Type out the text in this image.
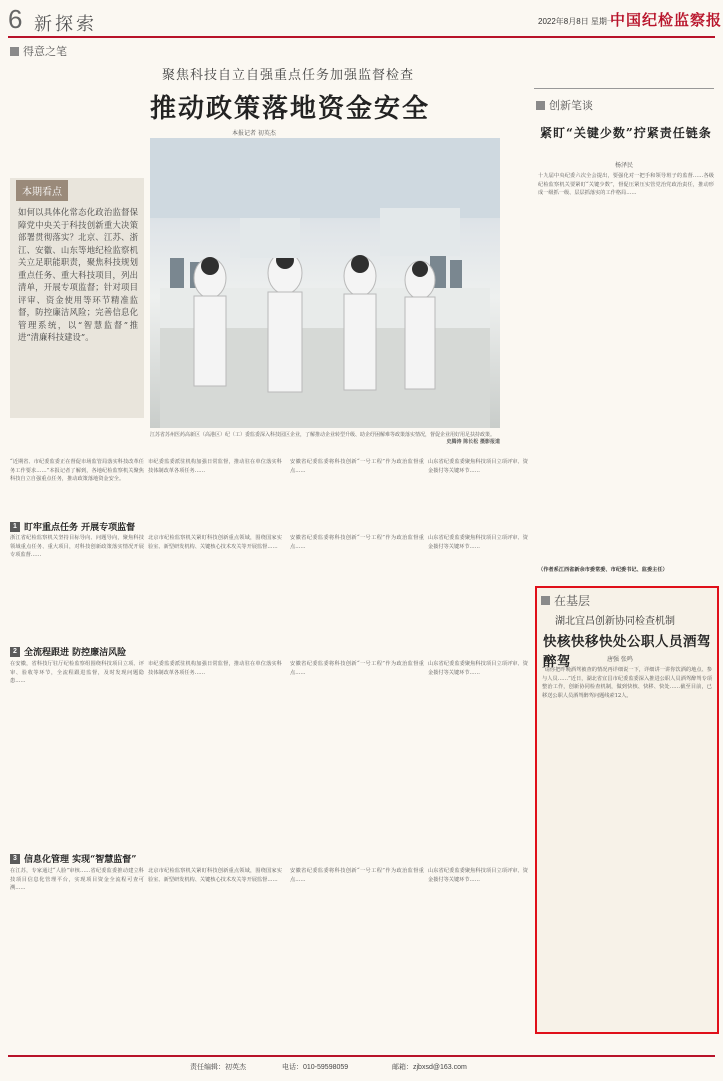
6 新探索	2022年8月8日 星期一
中国纪检监察报
得意之笔
聚焦科技自立自强重点任务加强监督检查
推动政策落地资金安全
本报记者 初英杰
江苏省苏州医药高新区（高港区）纪（工）委监委深入科技园区企业，了解推动企业转型升级、助企纾困解难等政策落实情况，督促企业用好用足扶持政策。
史腾涛 陈长松 摄影报道
本期看点
如何以具体化常态化政治监督保障党中央关于科技创新重大决策部署贯彻落实？北京、江苏、浙江、安徽、山东等地纪检监察机关立足职能职责，聚焦科技规划重点任务、重大科技项目，列出清单，开展专项监督；针对项目评审、资金使用等环节精准监督，防控廉洁风险；完善信息化管理系统，以“智慧监督”推进“清廉科技建设”。
“近期省、市纪委监委正在督促市场监管局落实科技改革任务工作要求……”本报记者了解到，各地纪检监察机关聚焦科技自立自强重点任务，推动政策落地资金安全。
市纪委监委派驻机构加强日常监督，推动驻在单位落实科技体制改革各项任务……
安徽省纪委监委将科技创新“一号工程”作为政治监督重点……
山东省纪委监委聚焦科技项目立项评审、资金拨付等关键环节……
1 盯牢重点任务 开展专项监督
浙江省纪检监察机关坚持目标导向、问题导向，聚焦科技领域重点任务、重大项目，对科技创新政策落实情况开展专项监督……
北京市纪检监察机关紧盯科技创新重点领域，围绕国家实验室、新型研发机构、关键核心技术攻关等开展监督……
安徽省纪委监委将科技创新“一号工程”作为政治监督重点……
山东省纪委监委聚焦科技项目立项评审、资金拨付等关键环节……
2 全流程跟进 防控廉洁风险
在安徽，省科技厅驻厅纪检监察组围绕科技项目立项、评审、验收等环节，全流程跟进监督，及时发现问题隐患……
市纪委监委派驻机构加强日常监督，推动驻在单位落实科技体制改革各项任务……
安徽省纪委监委将科技创新“一号工程”作为政治监督重点……
山东省纪委监委聚焦科技项目立项评审、资金拨付等关键环节……
3 信息化管理 实现“智慧监督”
在江苏，专家通过“人脸”审核……省纪委监委推动建立科技项目信息化管理平台，实现项目资金全流程可查可溯……
北京市纪检监察机关紧盯科技创新重点领域，围绕国家实验室、新型研发机构、关键核心技术攻关等开展监督……
安徽省纪委监委将科技创新“一号工程”作为政治监督重点……
山东省纪委监委聚焦科技项目立项评审、资金拨付等关键环节……
创新笔谈
紧盯“关键少数”拧紧责任链条
杨泽民
十九届中央纪委六次全会提出，要强化对一把手和领导班子的监督……各级纪检监察机关要紧盯“关键少数”，督促压紧压实管党治党政治责任，推动形成一级抓一级、层层抓落实的工作格局……
（作者系江西省新余市委常委、市纪委书记、监委主任）
在基层
湖北宜昌创新协同检查机制
快核快移快处公职人员酒驾醉驾	唐强 张鸣
“请你把昨晚酒驾被查的情况再详细说一下，详细讲一讲你饮酒的地点、参与人员……”近日，湖北省宜昌市纪委监委深入推进公职人员酒驾醉驾专项整治工作，创新协同检查机制，做到快核、快移、快处……截至目前，已移送公职人员酒驾醉驾问题线索12人。
责任编辑：初英杰	电话：010-59598059	邮箱：zjbxsd@163.com
